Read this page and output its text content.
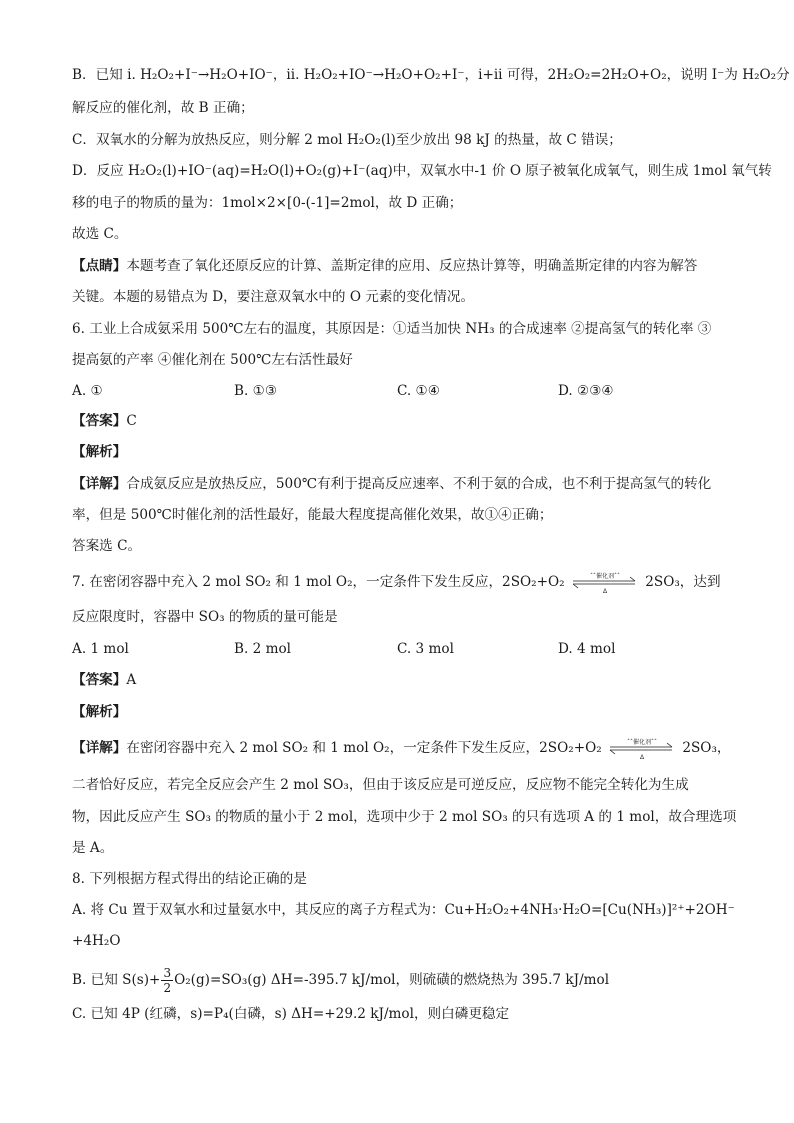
B．已知 i. H₂O₂+I⁻→H₂O+IO⁻，ii. H₂O₂+IO⁻→H₂O+O₂+I⁻，i+ii 可得，2H₂O₂=2H₂O+O₂，说明 I⁻为 H₂O₂分
解反应的催化剂，故 B 正确；
C．双氧水的分解为放热反应，则分解 2 mol H₂O₂(l)至少放出 98 kJ 的热量，故 C 错误；
D．反应 H₂O₂(l)+IO⁻(aq)=H₂O(l)+O₂(g)+I⁻(aq)中，双氧水中-1 价 O 原子被氧化成氧气，则生成 1mol 氧气转
移的电子的物质的量为：1mol×2×[0-(-1]=2mol，故 D 正确；
故选 C。
【点睛】本题考查了氧化还原反应的计算、盖斯定律的应用、反应热计算等，明确盖斯定律的内容为解答
关键。本题的易错点为 D，要注意双氧水中的 O 元素的变化情况。
6. 工业上合成氨采用 500℃左右的温度，其原因是：①适当加快 NH₃ 的合成速率 ②提高氢气的转化率 ③
提高氨的产率 ④催化剂在 500℃左右活性最好
A. ①	B. ①③	C. ①④	D. ②③④
【答案】C
【解析】
【详解】合成氨反应是放热反应，500℃有利于提高反应速率、不利于氨的合成，也不利于提高氢气的转化
率，但是 500℃时催化剂的活性最好，能最大程度提高催化效果，故①④正确；
答案选 C。
7. 在密闭容器中充入 2 mol SO₂ 和 1 mol O₂，一定条件下发生反应，2SO₂+O₂	ˆˆ催化剂ˆˆ
Δ
2SO₃，达到
反应限度时，容器中 SO₃ 的物质的量可能是
A. 1 mol	B. 2 mol	C. 3 mol	D. 4 mol
【答案】A
【解析】
【详解】在密闭容器中充入 2 mol SO₂ 和 1 mol O₂，一定条件下发生反应，2SO₂+O₂	ˆˆ催化剂ˆˆ
Δ
2SO₃，
二者恰好反应，若完全反应会产生 2 mol SO₃，但由于该反应是可逆反应，反应物不能完全转化为生成
物，因此反应产生 SO₃ 的物质的量小于 2 mol，选项中少于 2 mol SO₃ 的只有选项 A 的 1 mol，故合理选项
是 A。
8. 下列根据方程式得出的结论正确的是
A. 将 Cu 置于双氧水和过量氨水中，其反应的离子方程式为：Cu+H₂O₂+4NH₃·H₂O=[Cu(NH₃)]²⁺+2OH⁻
+4H₂O
B. 已知 $S(s)+ \frac{3}{2} O_2(g)=SO_3(g)$ ΔH=-395.7 kJ/mol，则硫磺的燃烧热为 395.7 kJ/mol
C. 已知 4P (红磷，s)=P₄(白磷，s) ΔH=+29.2 kJ/mol，则白磷更稳定
